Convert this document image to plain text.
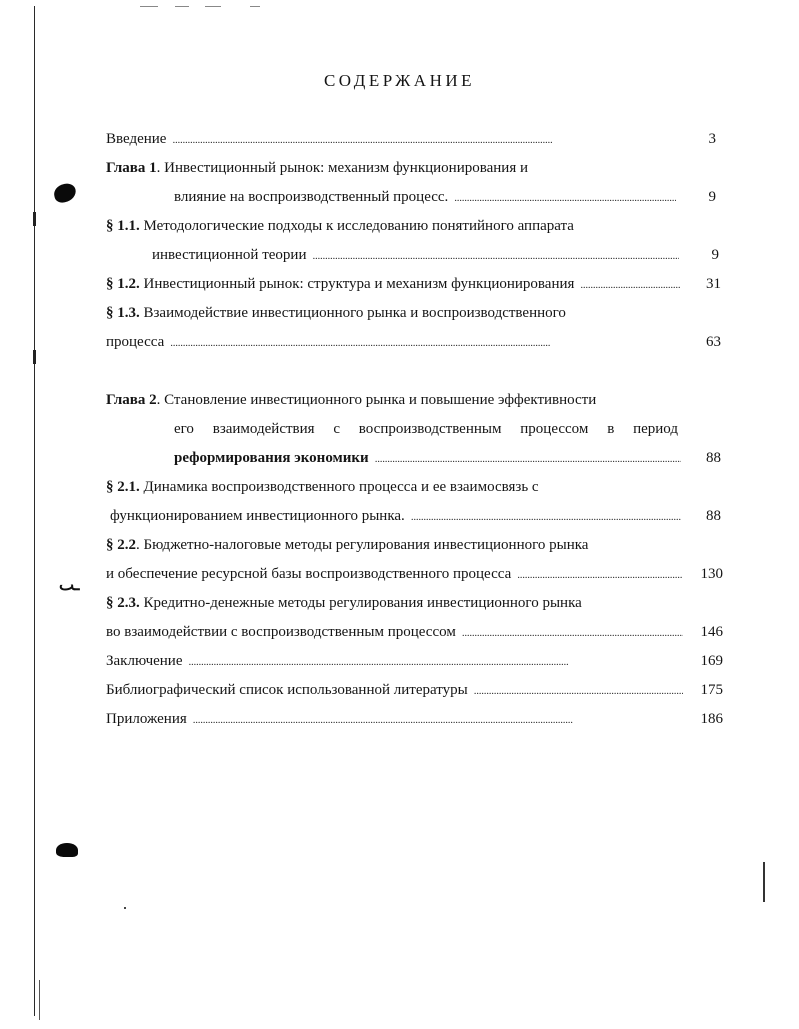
ـٮ
СОДЕРЖАНИЕ
Введение . . .	3
Глава 1. Инвестиционный рынок: механизм функционирования и
влияние на воспроизводственный процесс. . . .	9
§ 1.1. Методологические подходы к исследованию понятийного аппарата
инвестиционной теории . . .	9
§ 1.2. Инвестиционный рынок: структура и механизм функционирования . . .	31
§ 1.3. Взаимодействие инвестиционного рынка и воспроизводственного
процесса . . .	63
Глава 2. Становление инвестиционного рынка и повышение эффективности
его взаимодействия с воспроизводственным процессом в период
реформирования экономики . . .	88
§ 2.1. Динамика воспроизводственного процесса и ее взаимосвязь с
функционированием инвестиционного рынка. . . .	88
§ 2.2. Бюджетно-налоговые методы регулирования инвестиционного рынка
и обеспечение ресурсной базы воспроизводственного процесса . . .	130
§ 2.3. Кредитно-денежные методы регулирования инвестиционного рынка
во взаимодействии с воспроизводственным процессом . . .	146
Заключение . . .	169
Библиографический список использованной литературы . . .	175
Приложения . . .	186
